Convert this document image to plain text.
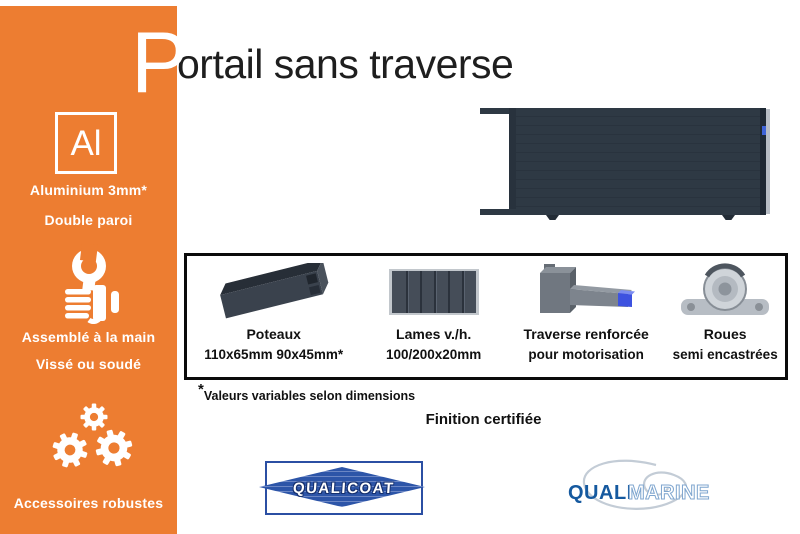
Al
Aluminium 3mm*
Double paroi
Assemblé à la main
Vissé ou soudé
Accessoires robustes
P
ortail sans traverse
Poteaux
110x65mm 90x45mm*
Lames v./h.
100/200x20mm
Traverse renforcée
pour motorisation
Roues
semi encastrées
*Valeurs variables selon dimensions
Finition certifiée
QUALICOAT	QUALI
MARINE
